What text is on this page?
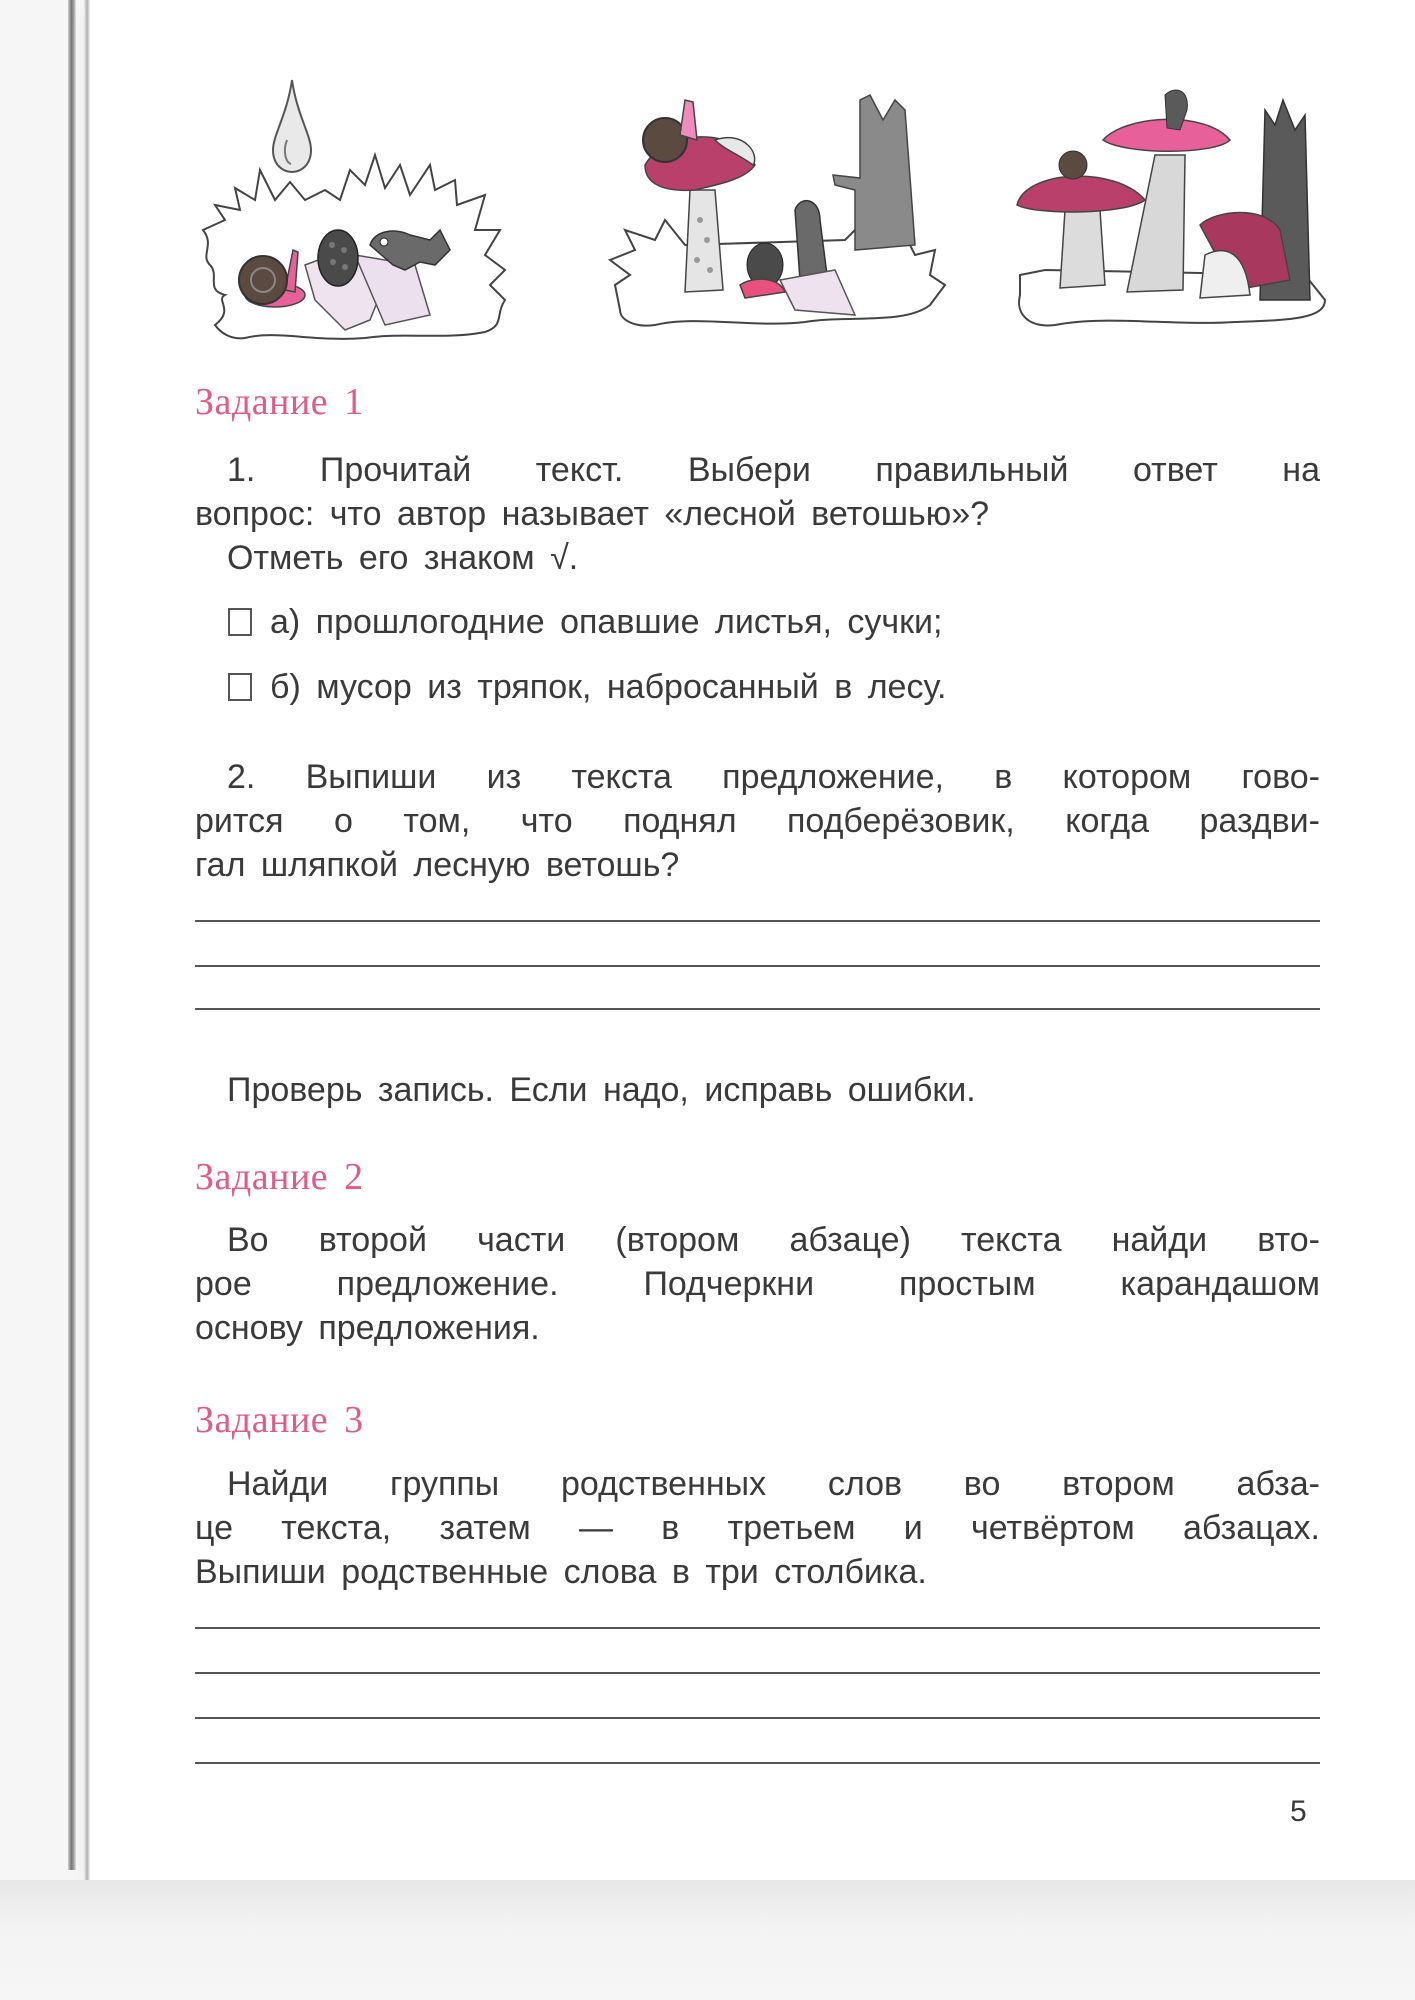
Задание 1

1. Прочитай текст. Выбери правильный ответ на
вопрос: что автор называет «лесной ветошью»?
Отметь его знаком √.

а) прошлогодние опавшие листья, сучки;
б) мусор из тряпок, набросанный в лесу.

2. Выпиши из текста предложение, в котором гово-
рится о том, что поднял подберёзовик, когда раздви-
гал шляпкой лесную ветошь?

Проверь запись. Если надо, исправь ошибки.

Задание 2

Во второй части (втором абзаце) текста найди вто-
рое предложение. Подчеркни простым карандашом
основу предложения.

Задание 3

Найди группы родственных слов во втором абза-
це текста, затем — в третьем и четвёртом абзацах.
Выпиши родственные слова в три столбика.

5
